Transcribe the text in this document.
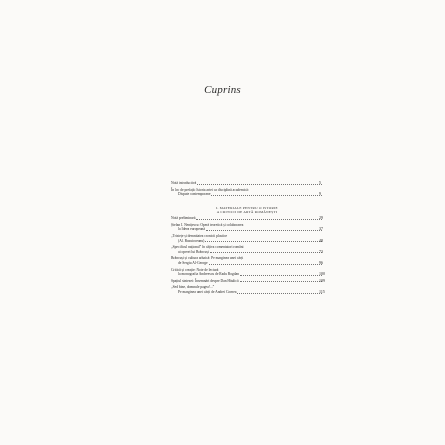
Cuprins
Notă introductivă	5
În loc de prefață: Istoria artei ca disciplină academică:
Dispute contemporane	9
I. MATERIALE PENTRU O ISTORIE
A CRITICII DE ARTĂ ROMÂNEȘTI
Notă preliminară	29
Ștefan I. Nenițescu: Operă teoretică și colaborarea
la Ideea europeană	37
„Tristețe și demnitatea cronicii plastice
(Al. Busuioceanu)	48
„Specificul național” în câțiva comentatori români
ai operei lui Brâncuși	73
Brâncuși și cultura arhaică: Pe marginea unei cărți
de Sergiu Al-George	96
Critică și creație: Note de lectură
la monografia Andreescu de Radu Bogdan	100
Spațiul sintezei: Însemnări despre Dan Hăulică	109
„Sed bine, domnule pagea!...”
Pe marginea unei cărți de Andrei Cornea	115
